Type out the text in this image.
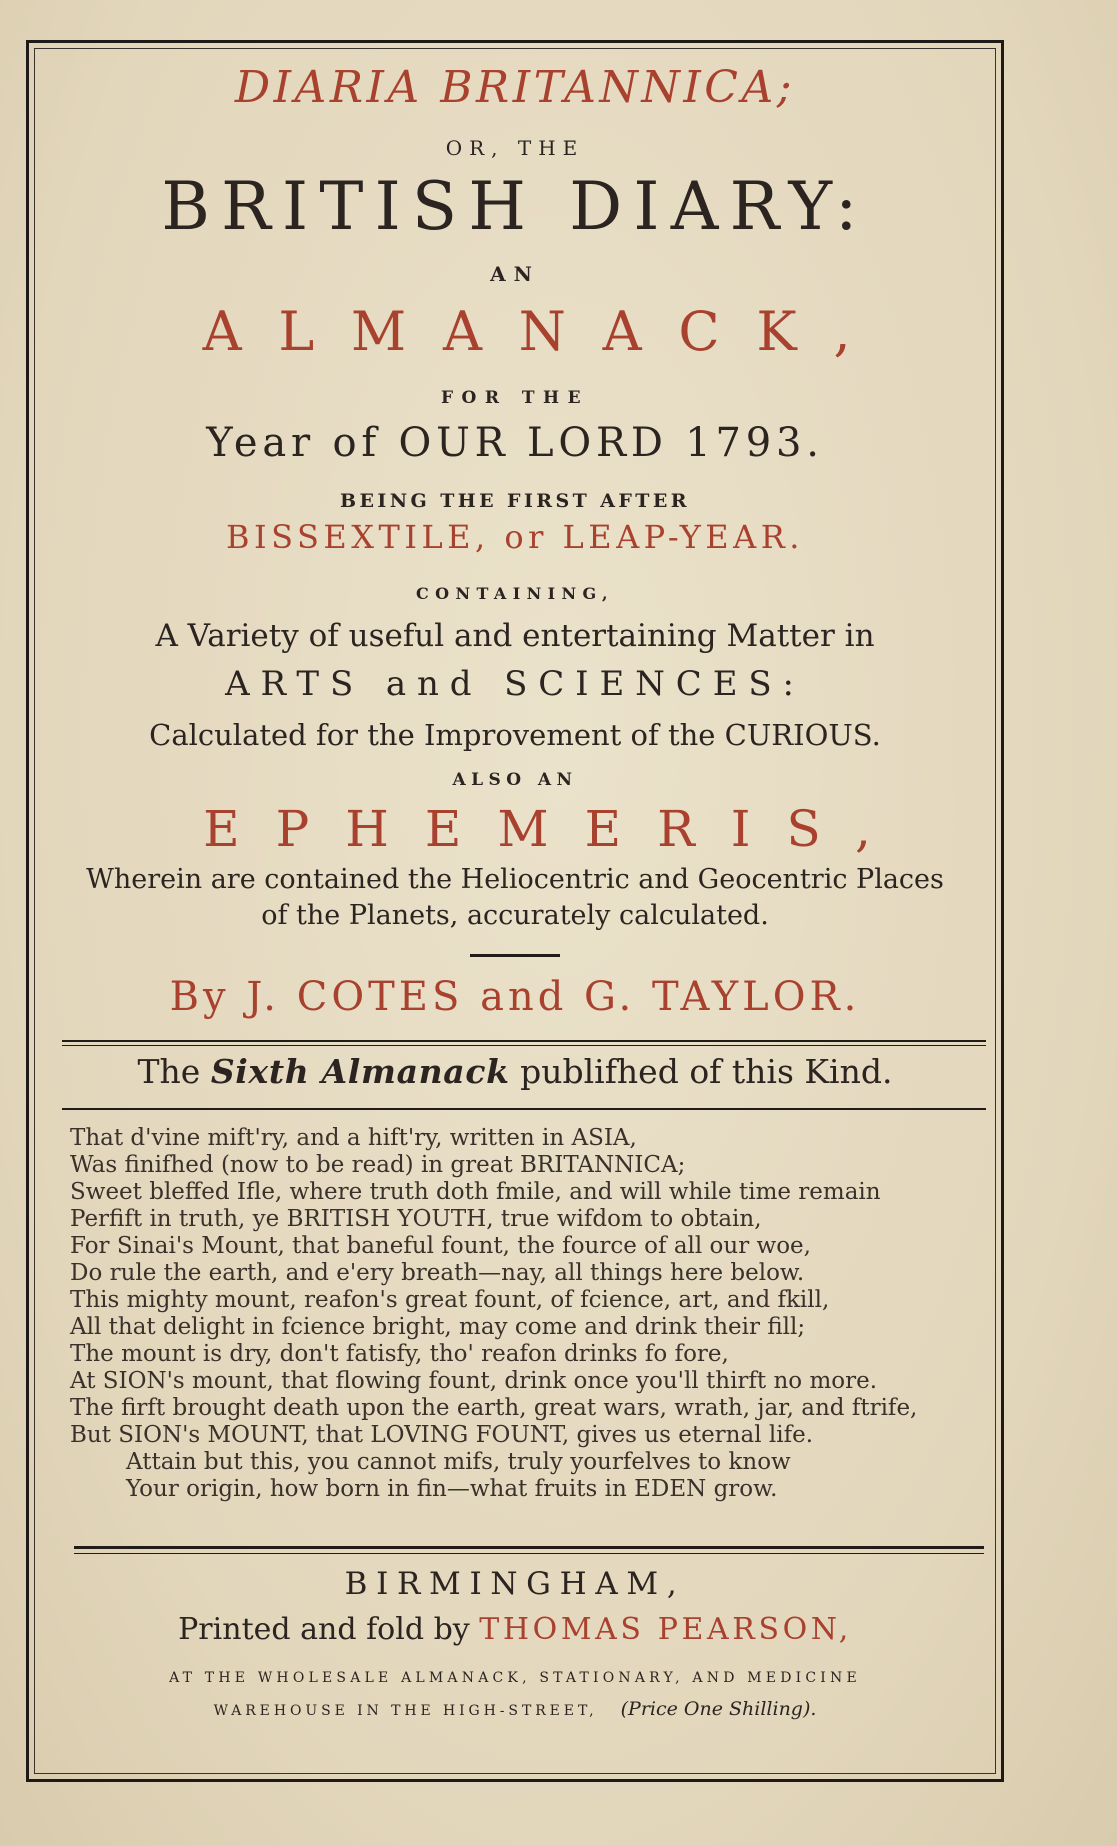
DIARIA BRITANNICA;
OR, THE
BRITISH DIARY:
AN
ALMANACK,
FOR THE
Year of OUR LORD 1793.
BEING THE FIRST AFTER
BISSEXTILE, or LEAP-YEAR.
CONTAINING,
A Variety of useful and entertaining Matter in
ARTS and SCIENCES:
Calculated for the Improvement of the CURIOUS.
ALSO AN
EPHEMERIS,
Wherein are contained the Heliocentric and Geocentric Places
of the Planets, accurately calculated.
By J. COTES and G. TAYLOR.
The Sixth Almanack publifhed of this Kind.
That d'vine mift'ry, and a hift'ry, written in ASIA,
Was finifhed (now to be read) in great BRITANNICA;
Sweet bleffed Ifle, where truth doth fmile, and will while time remain
Perfift in truth, ye BRITISH YOUTH, true wifdom to obtain,
For Sinai's Mount, that baneful fount, the fource of all our woe,
Do rule the earth, and e'ery breath—nay, all things here below.
This mighty mount, reafon's great fount, of fcience, art, and fkill,
All that delight in fcience bright, may come and drink their fill;
The mount is dry, don't fatisfy, tho' reafon drinks fo fore,
At SION's mount, that flowing fount, drink once you'll thirft no more.
The firft brought death upon the earth, great wars, wrath, jar, and ftrife,
But SION's MOUNT, that LOVING FOUNT, gives us eternal life.
Attain but this, you cannot mifs, truly yourfelves to know
Your origin, how born in fin—what fruits in EDEN grow.
BIRMINGHAM,
Printed and fold by THOMAS PEARSON,
AT THE WHOLESALE ALMANACK, STATIONARY, AND MEDICINE
WAREHOUSE IN THE HIGH-STREET, (Price One Shilling).
